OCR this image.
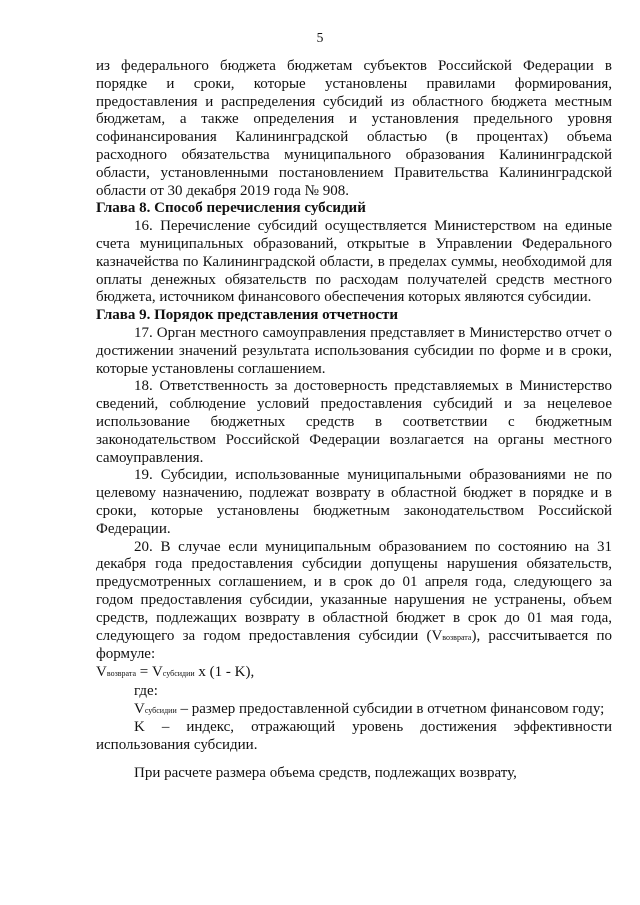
5

из федерального бюджета бюджетам субъектов Российской Федерации в порядке и сроки, которые установлены правилами формирования, предоставления и распределения субсидий из областного бюджета местным бюджетам, а также определения и установления предельного уровня софинансирования Калининградской областью (в процентах) объема расходного обязательства муниципального образования Калининградской области, установленными постановлением Правительства Калининградской области от 30 декабря 2019 года № 908.

Глава 8. Способ перечисления субсидий

16. Перечисление субсидий осуществляется Министерством на единые счета муниципальных образований, открытые в Управлении Федерального казначейства по Калининградской области, в пределах суммы, необходимой для оплаты денежных обязательств по расходам получателей средств местного бюджета, источником финансового обеспечения которых являются субсидии.

Глава 9. Порядок представления отчетности

17. Орган местного самоуправления представляет в Министерство отчет о достижении значений результата использования субсидии по форме и в сроки, которые установлены соглашением.

18. Ответственность за достоверность представляемых в Министерство сведений, соблюдение условий предоставления субсидий и за нецелевое использование бюджетных средств в соответствии с бюджетным законодательством Российской Федерации возлагается на органы местного самоуправления.

19. Субсидии, использованные муниципальными образованиями не по целевому назначению, подлежат возврату в областной бюджет в порядке и в сроки, которые установлены бюджетным законодательством Российской Федерации.

20. В случае если муниципальным образованием по состоянию на 31 декабря года предоставления субсидии допущены нарушения обязательств, предусмотренных соглашением, и в срок до 01 апреля года, следующего за годом предоставления субсидии, указанные нарушения не устранены, объем средств, подлежащих возврату в областной бюджет в срок до 01 мая года, следующего за годом предоставления субсидии (Vвозврата), рассчитывается по формуле:

Vвозврата = Vсубсидии x (1 - K),

где:

Vсубсидии – размер предоставленной субсидии в отчетном финансовом году;

K – индекс, отражающий уровень достижения эффективности использования субсидии.

При расчете размера объема средств, подлежащих возврату,
